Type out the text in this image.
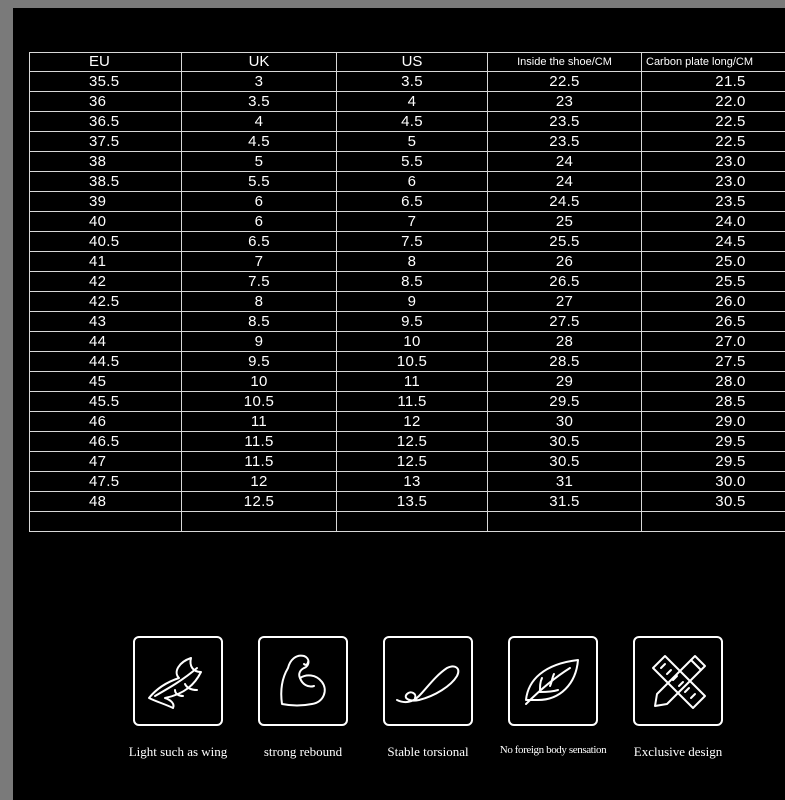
EU	UK	US	Inside the shoe/CM	Carbon plate long/CM
35.5	3	3.5	22.5	21.5
36	3.5	4	23	22.0
36.5	4	4.5	23.5	22.5
37.5	4.5	5	23.5	22.5
38	5	5.5	24	23.0
38.5	5.5	6	24	23.0
39	6	6.5	24.5	23.5
40	6	7	25	24.0
40.5	6.5	7.5	25.5	24.5
41	7	8	26	25.0
42	7.5	8.5	26.5	25.5
42.5	8	9	27	26.0
43	8.5	9.5	27.5	26.5
44	9	10	28	27.0
44.5	9.5	10.5	28.5	27.5
45	10	11	29	28.0
45.5	10.5	11.5	29.5	28.5
46	11	12	30	29.0
46.5	11.5	12.5	30.5	29.5
47	11.5	12.5	30.5	29.5
47.5	12	13	31	30.0
48	12.5	13.5	31.5	30.5

Light such as wing	strong rebound	Stable torsional	No foreign body sensation	Exclusive design
